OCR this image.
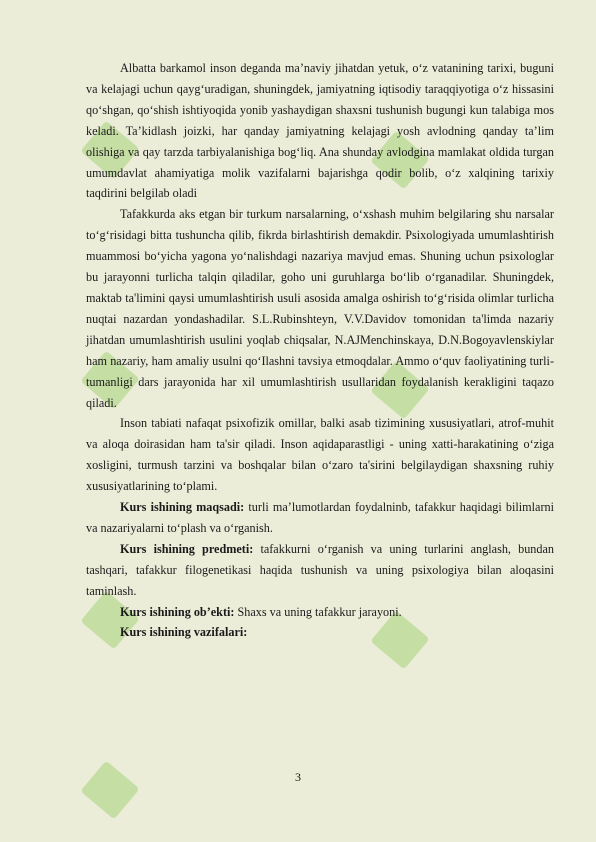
Albatta barkamol inson deganda maʼnaviy jihatdan yetuk, oʻz vatanining tarixi, buguni va kelajagi uchun qaygʻuradigan, shuningdek, jamiyatning iqtisodiy taraqqiyotiga oʻz hissasini qoʻshgan, qoʻshish ishtiyoqida yonib yashaydigan shaxsni tushunish bugungi kun talabiga mos keladi. Taʼkidlash joizki, har qanday jamiyatning kelajagi yosh avlodning qanday taʼlim olishiga va qay tarzda tarbiyalanishiga bogʻliq. Ana shunday avlodgina mamlakat oldida turgan umumdavlat ahamiyatiga molik vazifalarni bajarishga qodir bolib, oʻz xalqining tarixiy taqdirini belgilab oladi

Tafakkurda aks etgan bir turkum narsalarning, oʻxshash muhim belgilaring shu narsalar toʻgʻrisidagi bitta tushuncha qilib, fikrda birlashtirish demakdir. Psixologiyada umumlashtirish muammosi boʻyicha yagona yoʻnalishdagi nazariya mavjud emas. Shuning uchun psixologlar bu jarayonni turlicha talqin qiladilar, goho uni guruhlarga boʻlib oʻrganadilar. Shuningdek, maktab ta'limini qaysi umumlashtirish usuli asosida amalga oshirish toʻgʻrisida olimlar turlicha nuqtai nazardan yondashadilar. S.L.Rubinshteyn, V.V.Davidov tomonidan ta'limda nazariy jihatdan umumlashtirish usulini yoqlab chiqsalar, N.AJMenchinskaya, D.N.Bogoyavlenskiylar ham nazariy, ham amaliy usulni qoʻIlashni tavsiya etmoqdalar. Ammo oʻquv faoliyatining turli-tumanligi dars jarayonida har xil umumlashtirish usullaridan foydalanish kerakligini taqazo qiladi.

Inson tabiati nafaqat psixofizik omillar, balki asab tizimining xususiyatlari, atrof-muhit va aloqa doirasidan ham ta'sir qiladi. Inson aqidaparastligi - uning xatti-harakatining oʻziga xosligini, turmush tarzini va boshqalar bilan oʻzaro ta'sirini belgilaydigan shaxsning ruhiy xususiyatlarining toʻplami.

Kurs ishining maqsadi: turli maʼlumotlardan foydalninb, tafakkur haqidagi bilimlarni va nazariyalarni toʻplash va oʻrganish.

Kurs ishining predmeti: tafakkurni oʻrganish va uning turlarini anglash, bundan tashqari, tafakkur filogenetikasi haqida tushunish va uning psixologiya bilan aloqasini taminlash.

Kurs ishining obʼekti: Shaxs va uning tafakkur jarayoni.

Kurs ishining vazifalari:

3
